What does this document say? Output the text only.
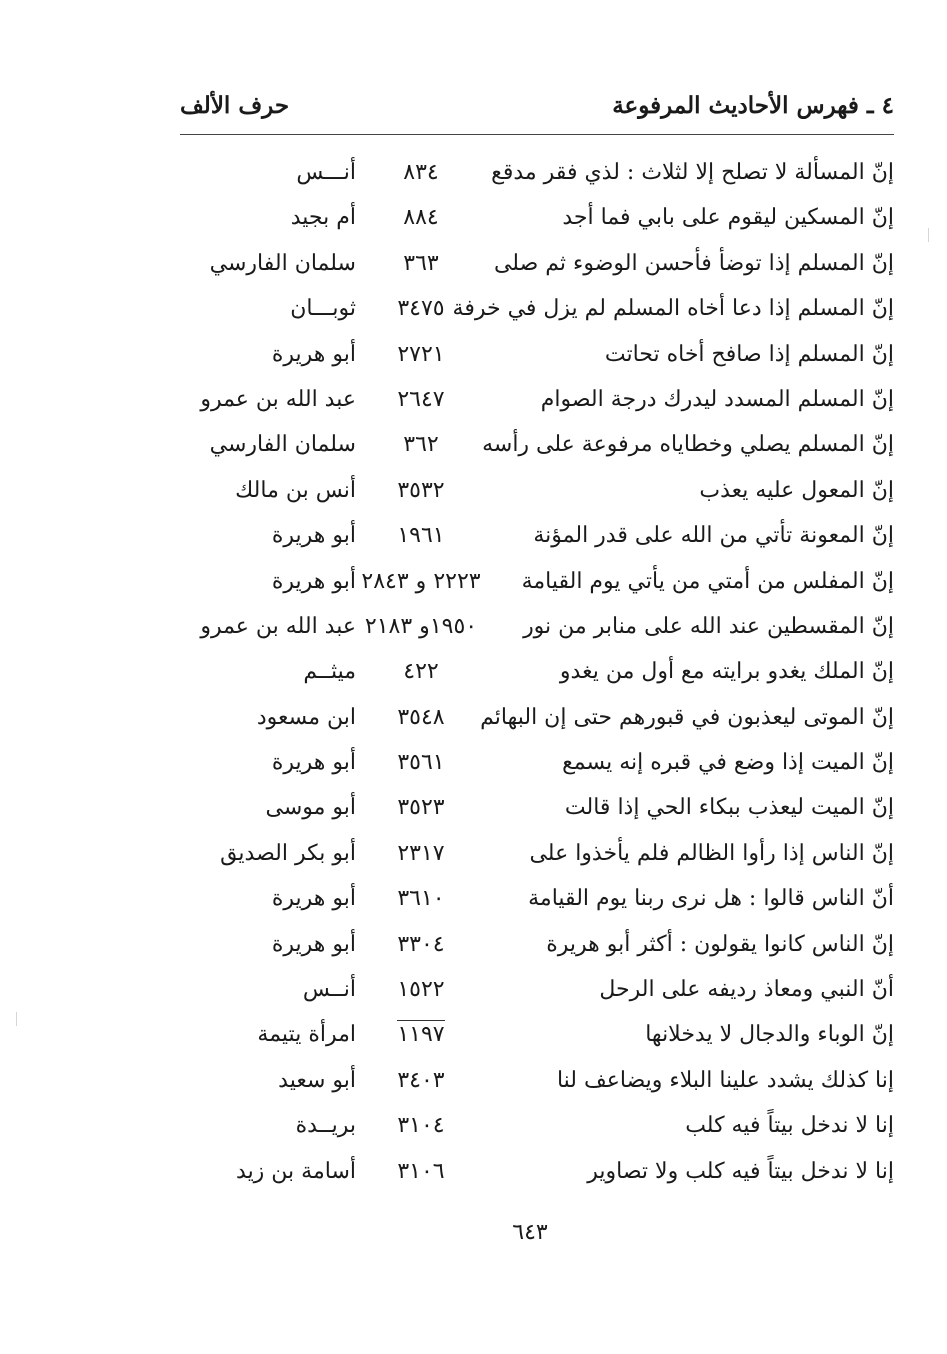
٤ ـ فهرس الأحاديث المرفوعة
حرف الألف
إنّ المسألة لا تصلح إلا لثلاث : لذي فقر مدقع
٨٣٤
أنـــس
إنّ المسكين ليقوم على بابي فما أجد
٨٨٤
أم بجيد
إنّ المسلم إذا توضأ فأحسن الوضوء ثم صلى
٣٦٣
سلمان الفارسي
إنّ المسلم إذا دعا أخاه المسلم لم يزل في خرفة
٣٤٧٥
ثوبـــان
إنّ المسلم إذا صافح أخاه تحاتت
٢٧٢١
أبو هريرة
إنّ المسلم المسدد ليدرك درجة الصوام
٢٦٤٧
عبد الله بن عمرو
إنّ المسلم يصلي وخطاياه مرفوعة على رأسه
٣٦٢
سلمان الفارسي
إنّ المعول عليه يعذب
٣٥٣٢
أنس بن مالك
إنّ المعونة تأتي من الله على قدر المؤنة
١٩٦١
أبو هريرة
إنّ المفلس من أمتي من يأتي يوم القيامة
٢٢٢٣ و ٢٨٤٣
أبو هريرة
إنّ المقسطين عند الله على منابر من نور
١٩٥٠و ٢١٨٣
عبد الله بن عمرو
إنّ الملك يغدو برايته مع أول من يغدو
٤٢٢
ميثــم
إنّ الموتى ليعذبون في قبورهم حتى إن البهائم
٣٥٤٨
ابن مسعود
إنّ الميت إذا وضع في قبره إنه يسمع
٣٥٦١
أبو هريرة
إنّ الميت ليعذب ببكاء الحي إذا قالت
٣٥٢٣
أبو موسى
إنّ الناس إذا رأوا الظالم فلم يأخذوا على
٢٣١٧
أبو بكر الصديق
أنّ الناس قالوا : هل نرى ربنا يوم القيامة
٣٦١٠
أبو هريرة
إنّ الناس كانوا يقولون : أكثر أبو هريرة
٣٣٠٤
أبو هريرة
أنّ النبي ومعاذ رديفه على الرحل
١٥٢٢
أنــس
إنّ الوباء والدجال لا يدخلانها
١١٩٧
امرأة يتيمة
إنا كذلك يشدد علينا البلاء ويضاعف لنا
٣٤٠٣
أبو سعيد
إنا لا ندخل بيتاً فيه كلب
٣١٠٤
بريــدة
إنا لا ندخل بيتاً فيه كلب ولا تصاوير
٣١٠٦
أسامة بن زيد
٦٤٣
